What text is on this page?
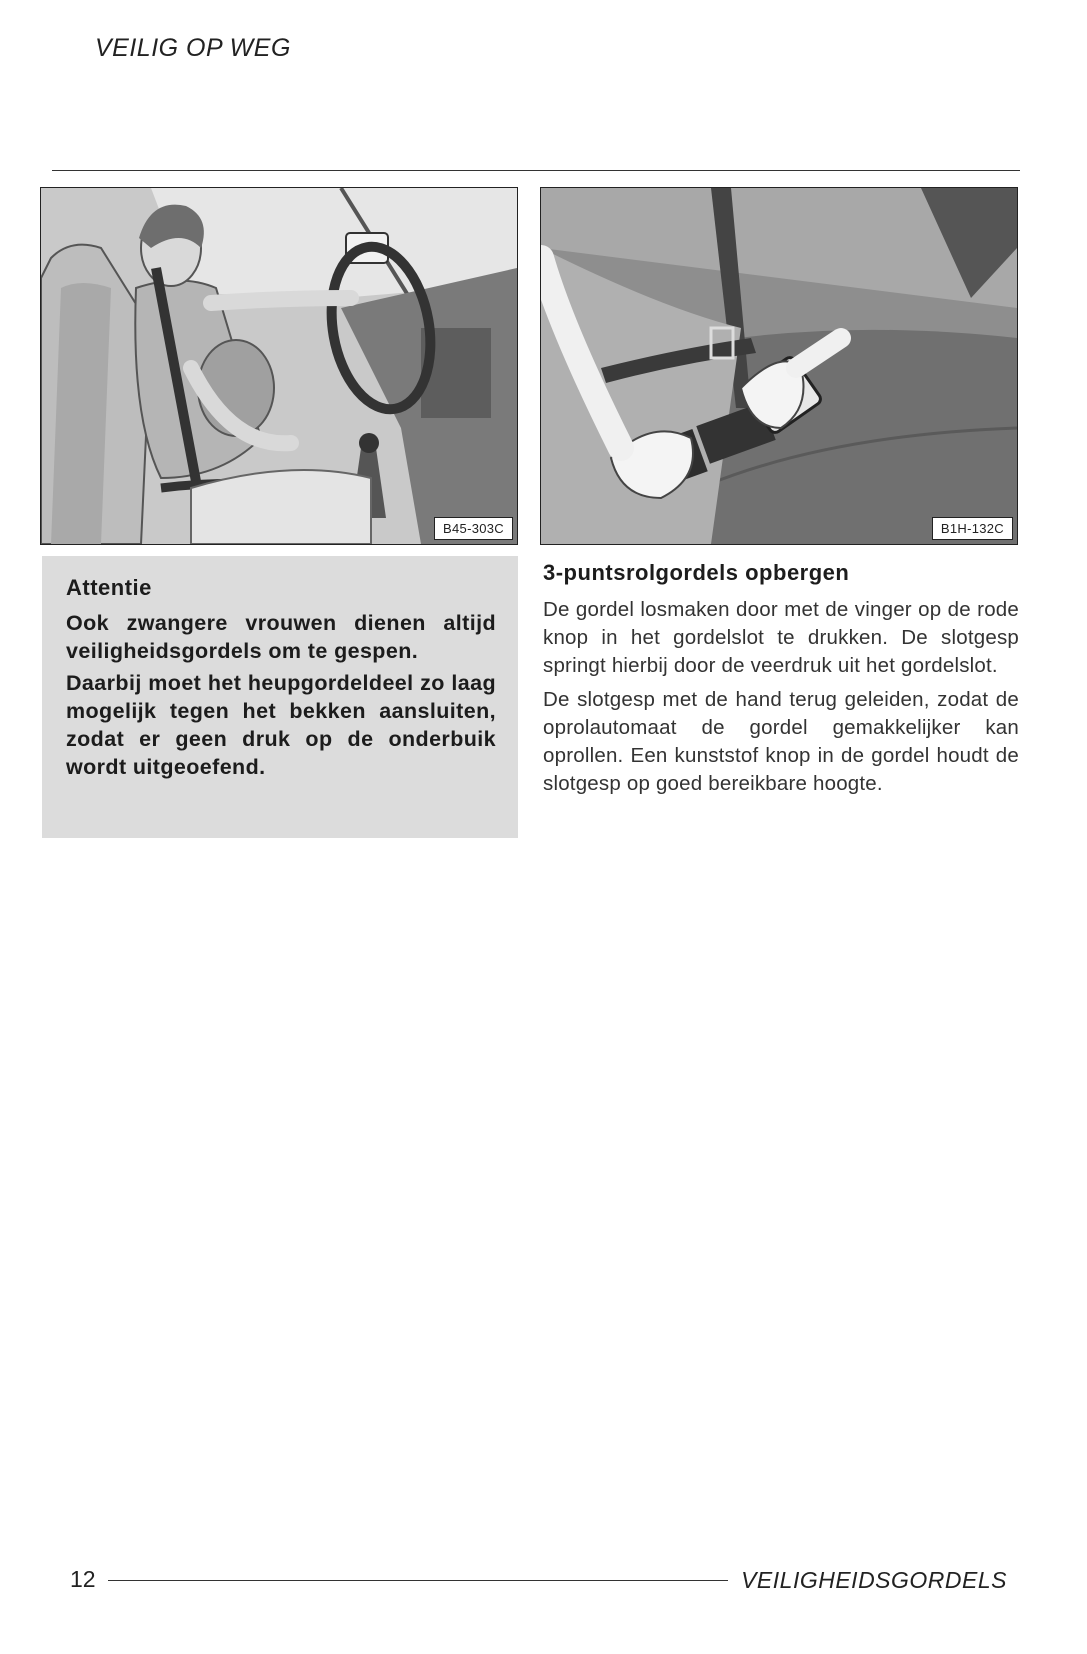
VEILIG OP WEG
B45-303C	B1H-132C
Attentie

Ook zwangere vrouwen dienen altijd veiligheidsgordels om te gespen.

Daarbij moet het heupgordeldeel zo laag mogelijk tegen het bekken aansluiten, zodat er geen druk op de onderbuik wordt uitgeoefend.

3-puntsrolgordels opbergen

De gordel losmaken door met de vinger op de rode knop in het gordelslot te drukken. De slotgesp springt hierbij door de veerdruk uit het gordelslot.

De slotgesp met de hand terug geleiden, zodat de oprolautomaat de gordel gemakkelijker kan oprollen. Een kunststof knop in de gordel houdt de slotgesp op goed bereikbare hoogte.

12	VEILIGHEIDSGORDELS
